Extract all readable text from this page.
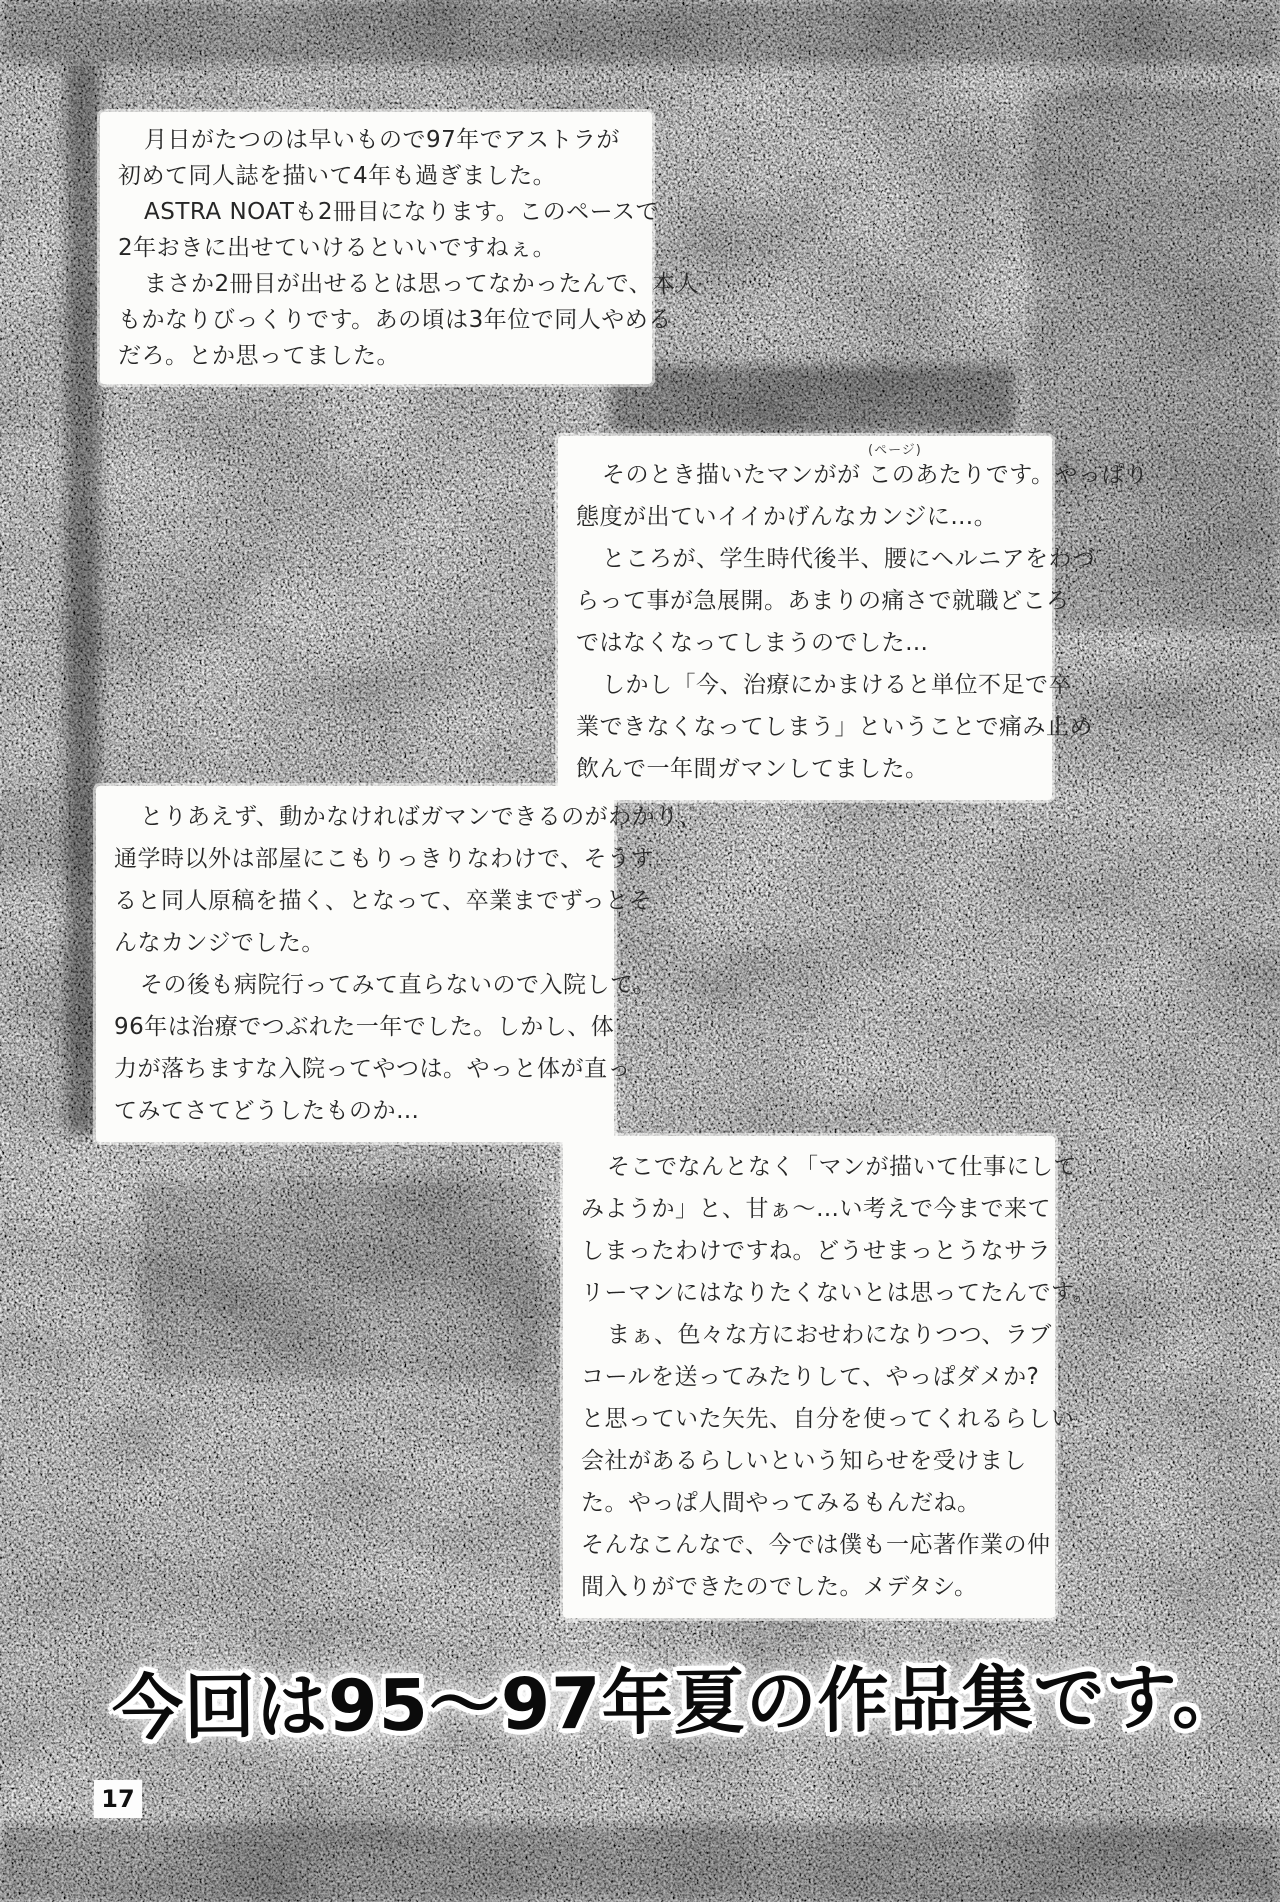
月日がたつのは早いもので97年でアストラが
初めて同人誌を描いて4年も過ぎました。
ASTRA NOATも2冊目になります。このペースで
2年おきに出せていけるといいですねぇ。
まさか2冊目が出せるとは思ってなかったんで、本人
もかなりびっくりです。あの頃は3年位で同人やめる
だろ。とか思ってました。
(ページ)
そのとき描いたマンがが このあたりです。やっぱり
態度が出ていイイかげんなカンジに…。
ところが、学生時代後半、腰にヘルニアをわづ
らって事が急展開。あまりの痛さで就職どころ
ではなくなってしまうのでした…
しかし「今、治療にかまけると単位不足で卒
業できなくなってしまう」ということで痛み止め
飲んで一年間ガマンしてました。
とりあえず、動かなければガマンできるのがわかり、
通学時以外は部屋にこもりっきりなわけで、そうす
ると同人原稿を描く、となって、卒業までずっとそ
んなカンジでした。
その後も病院行ってみて直らないので入院して。
96年は治療でつぶれた一年でした。しかし、体
力が落ちますな入院ってやつは。やっと体が直っ
てみてさてどうしたものか…
そこでなんとなく「マンが描いて仕事にして
みようか」と、甘ぁ〜…い考えで今まで来て
しまったわけですね。どうせまっとうなサラ
リーマンにはなりたくないとは思ってたんです。
まぁ、色々な方におせわになりつつ、ラブ
コールを送ってみたりして、やっぱダメか?
と思っていた矢先、自分を使ってくれるらしい
会社があるらしいという知らせを受けまし
た。やっぱ人間やってみるもんだね。
そんなこんなで、今では僕も一応著作業の仲
間入りができたのでした。メデタシ。
今回は95〜97年夏の作品集です。
17
